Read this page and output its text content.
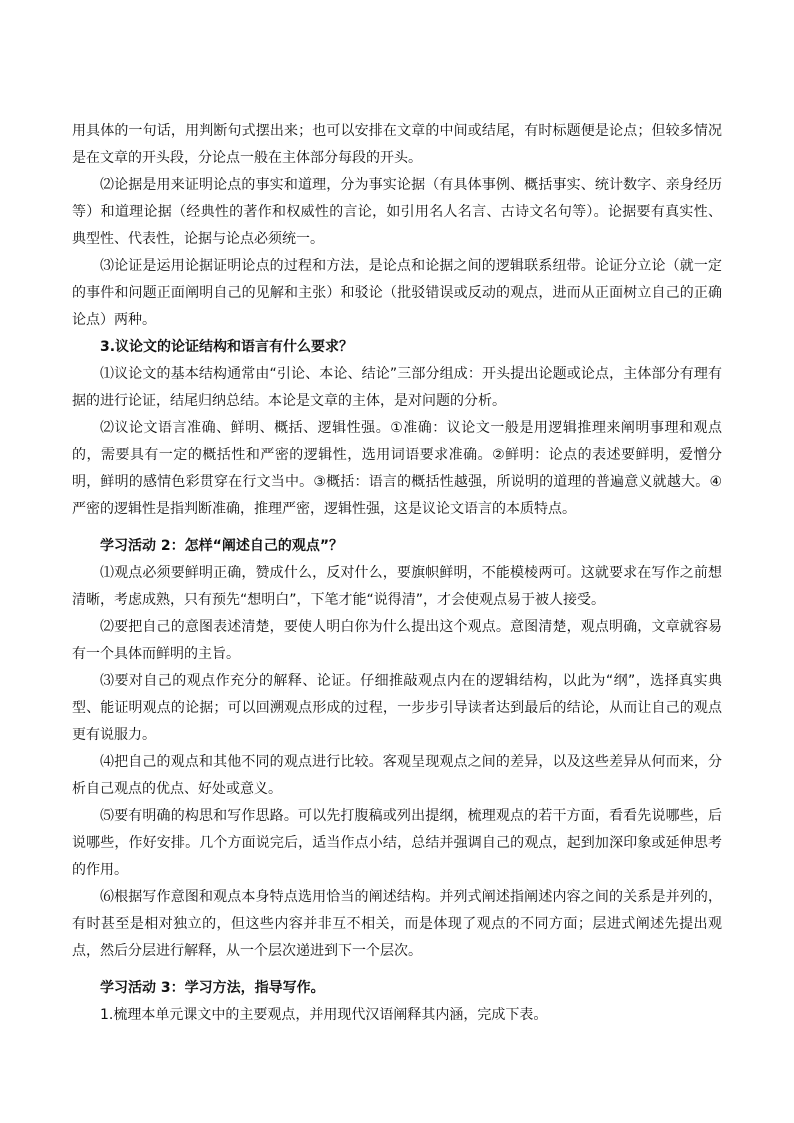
用具体的一句话，用判断句式摆出来；也可以安排在文章的中间或结尾，有时标题便是论点；但较多情况是在文章的开头段，分论点一般在主体部分每段的开头。

⑵论据是用来证明论点的事实和道理，分为事实论据（有具体事例、概括事实、统计数字、亲身经历等）和道理论据（经典性的著作和权威性的言论，如引用名人名言、古诗文名句等）。论据要有真实性、典型性、代表性，论据与论点必须统一。

⑶论证是运用论据证明论点的过程和方法，是论点和论据之间的逻辑联系纽带。论证分立论（就一定的事件和问题正面阐明自己的见解和主张）和驳论（批驳错误或反动的观点，进而从正面树立自己的正确论点）两种。

3.议论文的论证结构和语言有什么要求？

⑴议论文的基本结构通常由“引论、本论、结论”三部分组成：开头提出论题或论点，主体部分有理有据的进行论证，结尾归纳总结。本论是文章的主体，是对问题的分析。

⑵议论文语言准确、鲜明、概括、逻辑性强。①准确：议论文一般是用逻辑推理来阐明事理和观点的，需要具有一定的概括性和严密的逻辑性，选用词语要求准确。②鲜明：论点的表述要鲜明，爱憎分明，鲜明的感情色彩贯穿在行文当中。③概括：语言的概括性越强，所说明的道理的普遍意义就越大。④严密的逻辑性是指判断准确，推理严密，逻辑性强，这是议论文语言的本质特点。

学习活动 2：怎样“阐述自己的观点”？

⑴观点必须要鲜明正确，赞成什么，反对什么，要旗帜鲜明，不能模棱两可。这就要求在写作之前想清晰，考虑成熟，只有预先“想明白”，下笔才能“说得清”，才会使观点易于被人接受。

⑵要把自己的意图表述清楚，要使人明白你为什么提出这个观点。意图清楚，观点明确，文章就容易有一个具体而鲜明的主旨。

⑶要对自己的观点作充分的解释、论证。仔细推敲观点内在的逻辑结构，以此为“纲”，选择真实典型、能证明观点的论据；可以回溯观点形成的过程，一步步引导读者达到最后的结论，从而让自己的观点更有说服力。

⑷把自己的观点和其他不同的观点进行比较。客观呈现观点之间的差异，以及这些差异从何而来，分析自己观点的优点、好处或意义。

⑸要有明确的构思和写作思路。可以先打腹稿或列出提纲，梳理观点的若干方面，看看先说哪些，后说哪些，作好安排。几个方面说完后，适当作点小结，总结并强调自己的观点，起到加深印象或延伸思考的作用。

⑹根据写作意图和观点本身特点选用恰当的阐述结构。并列式阐述指阐述内容之间的关系是并列的，有时甚至是相对独立的，但这些内容并非互不相关，而是体现了观点的不同方面；层进式阐述先提出观点，然后分层进行解释，从一个层次递进到下一个层次。

学习活动 3：学习方法，指导写作。

1.梳理本单元课文中的主要观点，并用现代汉语阐释其内涵，完成下表。
